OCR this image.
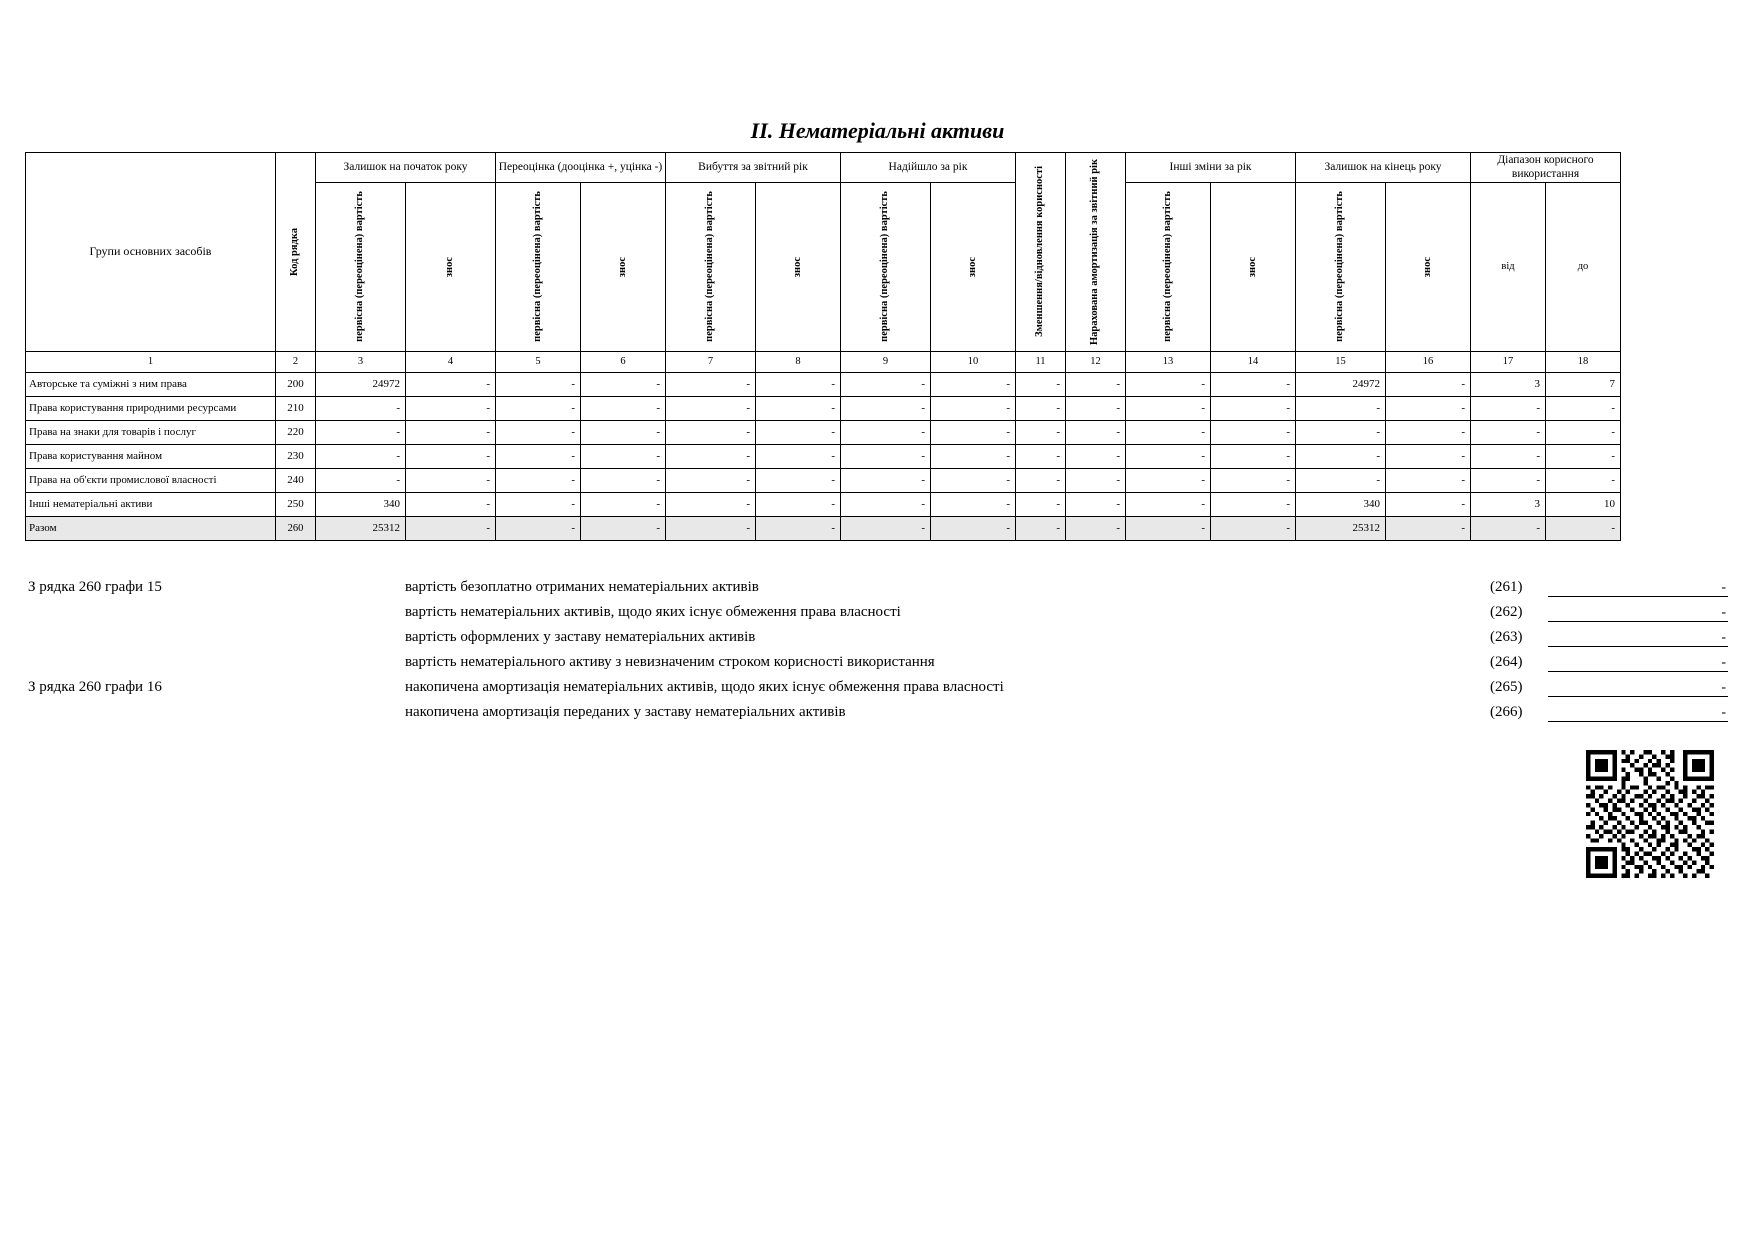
II. Нематеріальні активи
Групи основних засобів	Код рядка	Залишок на початок року		Переоцінка (дооцінка +, уцінка -)		Вибуття за звітний рік		Надійшло за рік		Зменшення/відновлення корисності	Нарахована амортизація за звітний рік	Інші зміни за рік		Залишок на кінець року		Діапазон корисного використання	

		первісна (переоцінена) вартість	знос	первісна (переоцінена) вартість	знос	первісна (переоцінена) вартість	знос	первісна (переоцінена) вартість	знос			первісна (переоцінена) вартість	знос	первісна (переоцінена) вартість	знос	від	до
1	2	3	4	5	6	7	8	9	10	11	12	13	14	15	16	17	18
Авторське та суміжні з ним права	200	24972	-	-	-	-	-	-	-	-	-	-	-	24972	-	3	7
Права користування природними ресурсами	210	-	-	-	-	-	-	-	-	-	-	-	-	-	-	-	-
Права на знаки для товарів і послуг	220	-	-	-	-	-	-	-	-	-	-	-	-	-	-	-	-
Права користування майном	230	-	-	-	-	-	-	-	-	-	-	-	-	-	-	-	-
Права на об'єкти промислової власності	240	-	-	-	-	-	-	-	-	-	-	-	-	-	-	-	-
Інші нематеріальні активи	250	340	-	-	-	-	-	-	-	-	-	-	-	340	-	3	10
Разом	260	25312	-	-	-	-	-	-	-	-	-	-	-	25312	-	-	-
З рядка 260 графи 15	вартість безоплатно отриманих нематеріальних активів	(261)	-
вартість нематеріальних активів, щодо яких існує обмеження права власності	(262)	-
вартість оформлених у заставу нематеріальних активів	(263)	-
вартість нематеріального активу з невизначеним строком корисності використання	(264)	-
З рядка 260 графи 16	накопичена амортизація нематеріальних активів, щодо яких існує обмеження права власності	(265)	-
накопичена амортизація переданих у заставу нематеріальних активів	(266)	-
